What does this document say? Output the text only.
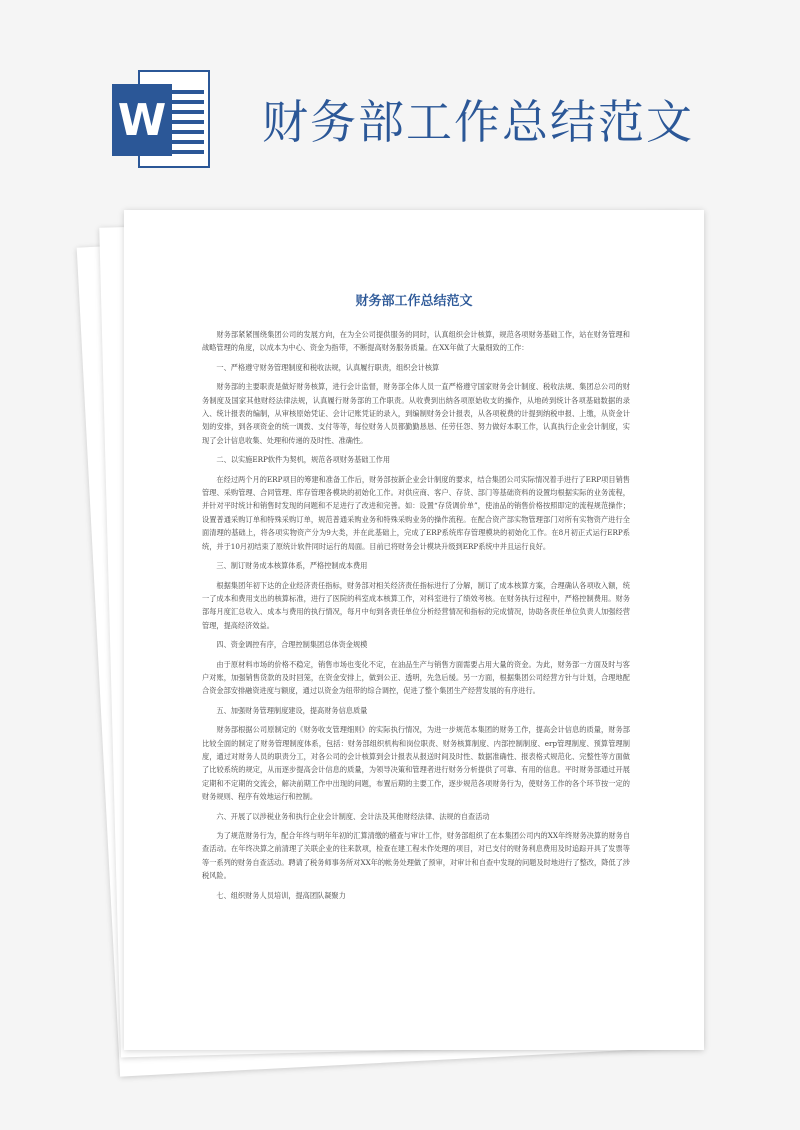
W 财务部工作总结范文
财务部工作总结范文

财务部紧紧围绕集团公司的发展方向，在为全公司提供服务的同时，认真组织会计核算，规范各项财务基础工作，站在财务管理和战略管理的角度，以成本为中心、资金为指带，不断提高财务服务质量。在XX年做了大量细致的工作：

一、严格遵守财务管理制度和税收法规，认真履行职责，组织会计核算

财务部的主要职责是做好财务核算，进行会计监督，财务部全体人员一直严格遵守国家财务会计制度、税收法规、集团总公司的财务制度及国家其他财经法律法规，认真履行财务部的工作职责。从收费到出纳各项原始收支的操作，从地砖到统计各项基础数据的录入、统计报表的编制，从审核原始凭证、会计记账凭证的录入，到编制财务会计报表，从各项税费的计提到纳税申报、上缴，从资金计划的安排，到各项资金的统一调拨、支付等等，每位财务人员都勤勤恳恳、任劳任怨、努力做好本职工作，认真执行企业会计制度，实现了会计信息收集、处理和传递的及时性、准确性。

二、以实施ERP软件为契机，规范各项财务基础工作用

在经过两个月的ERP项目的筹建和准备工作后，财务部按新企业会计制度的要求，结合集团公司实际情况着手进行了ERP项目销售管理、采购管理、合同管理、库存管理各模块的初始化工作。对供应商、客户、存货、部门等基础资料的设置均根据实际的业务流程，并针对平时统计和销售时发现的问题和不足进行了改进和完善。如：设置“存货调价单”，使油品的销售价格按照即定的流程规范操作；设置普通采购订单和特殊采购订单，规范普通采购业务和特殊采购业务的操作流程。在配合资产部实物管理部门对所有实物资产进行全面清理的基础上，将各项实物资产分为9大类，并在此基础上，完成了ERP系统库存管理模块的初始化工作。在8月初正式运行ERP系统，并于10月初结束了原统计软件同时运行的局面。目前已将财务会计模块升级到ERP系统中并且运行良好。

三、制订财务成本核算体系，严格控制成本费用

根据集团年初下达的企业经济责任指标，财务部对相关经济责任指标进行了分解，制订了成本核算方案，合理确认各项收入额，统一了成本和费用支出的核算标准，进行了医院的科室成本核算工作，对科室进行了绩效考核。在财务执行过程中，严格控制费用。财务部每月度汇总收入、成本与费用的执行情况，每月中旬到各责任单位分析经营情况和指标的完成情况，协助各责任单位负责人加强经营管理，提高经济效益。

四、资金调控有序，合理控制集团总体资金规模

由于原材料市场的价格不稳定，销售市场也变化不定，在油品生产与销售方面需要占用大量的资金。为此，财务部一方面及时与客户对账，加强销售货款的及时回笼，在资金安排上，做到公正、透明，先急后缓。另一方面，根据集团公司经营方针与计划，合理地配合资金部安排融资进度与额度，通过以资金为纽带的综合调控，促进了整个集团生产经营发展的有序进行。

五、加强财务管理制度建设，提高财务信息质量

财务部根据公司原制定的《财务收支管理细则》的实际执行情况，为进一步规范本集团的财务工作，提高会计信息的质量，财务部比较全面的制定了财务管理制度体系，包括：财务部组织机构和岗位职责、财务核算制度、内部控制制度、erp管理制度、预算管理制度，通过对财务人员的职责分工，对各公司的会计核算到会计报表从报送时间及时性、数据准确性、报表格式规范化、完整性等方面做了比较系统的规定，从而逐步提高会计信息的质量，为领导决策和管理者进行财务分析提供了可靠、有用的信息。平时财务部通过开展定期和不定期的交流会，解决前期工作中出现的问题，布置后期的主要工作，逐步规范各项财务行为，使财务工作的各个环节按一定的财务规则、程序有效地运行和控制。

六、开展了以涉税业务和执行企业会计制度、会计法及其他财经法律、法规的自查活动

为了规范财务行为，配合年终与明年年初的汇算清缴的稽查与审计工作，财务部组织了在本集团公司内的XX年终财务决算的财务自查活动。在年终决算之前清理了关联企业的往来款项，检查在建工程未作处理的项目，对已支付的财务利息费用及时追踪开具了发票等等一系列的财务自查活动。聘请了税务师事务所对XX年的帐务处理做了预审，对审计和自查中发现的问题及时地进行了整改，降低了涉税风险。

七、组织财务人员培训，提高团队凝聚力
